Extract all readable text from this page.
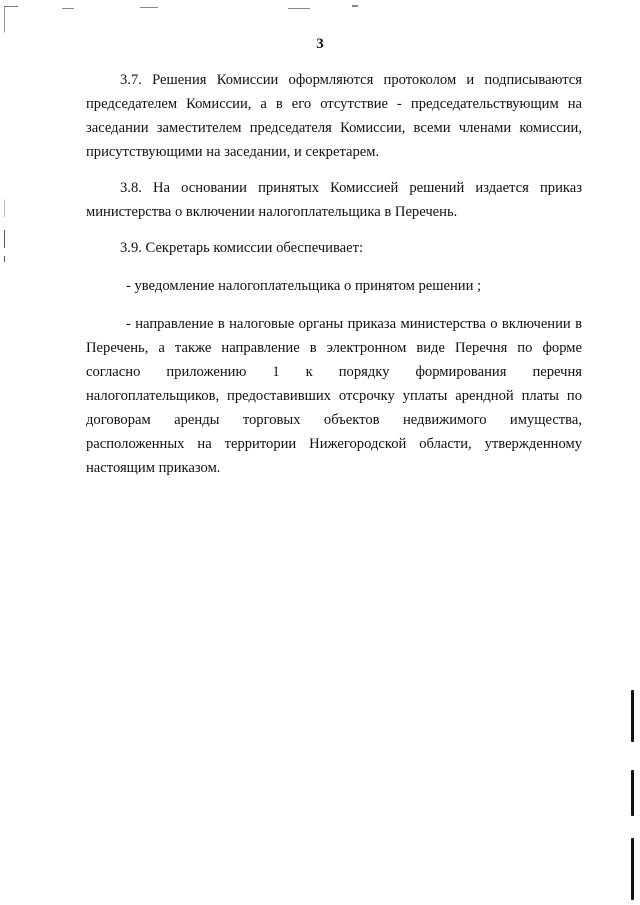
3

3.7. Решения Комиссии оформляются протоколом и подписываются председателем Комиссии, а в его отсутствие - председательствующим на заседании заместителем председателя Комиссии, всеми членами комиссии, присутствующими на заседании, и секретарем.

3.8. На основании принятых Комиссией решений издается приказ министерства о включении налогоплательщика в Перечень.

3.9. Секретарь комиссии обеспечивает:

- уведомление налогоплательщика о принятом решении ;

- направление в налоговые органы приказа министерства о включении в Перечень, а также направление в электронном виде Перечня по форме согласно приложению 1 к порядку формирования перечня налогоплательщиков, предоставивших отсрочку уплаты арендной платы по договорам аренды торговых объектов недвижимого имущества, расположенных на территории Нижегородской области, утвержденному настоящим приказом.
